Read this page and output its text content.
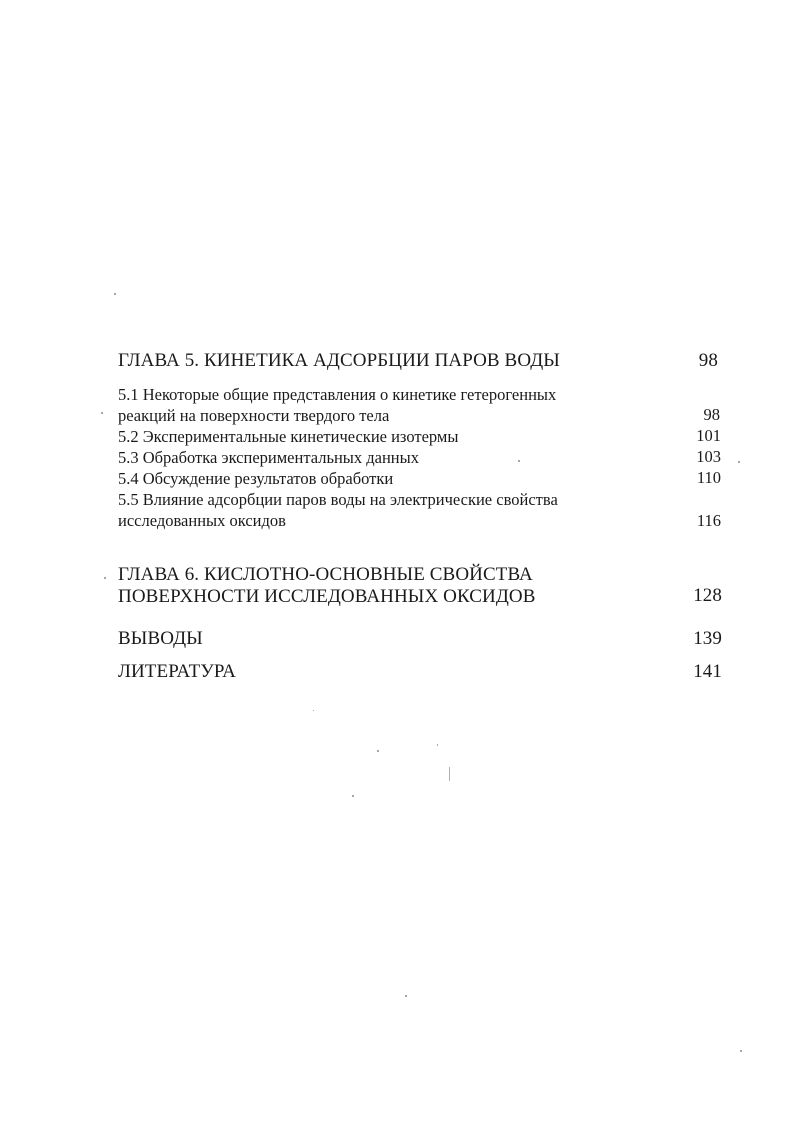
ГЛАВА 5. КИНЕТИКА АДСОРБЦИИ ПАРОВ ВОДЫ	98
5.1 Некоторые общие представления о кинетике гетерогенных
реакций на поверхности твердого тела	98
5.2 Экспериментальные кинетические изотермы	101
5.3 Обработка экспериментальных данных	103
5.4 Обсуждение результатов обработки	110
5.5 Влияние адсорбции паров воды на электрические свойства
исследованных оксидов	116
ГЛАВА 6. КИСЛОТНО-ОСНОВНЫЕ СВОЙСТВА
ПОВЕРХНОСТИ ИССЛЕДОВАННЫХ ОКСИДОВ	128
ВЫВОДЫ	139
ЛИТЕРАТУРА	141
